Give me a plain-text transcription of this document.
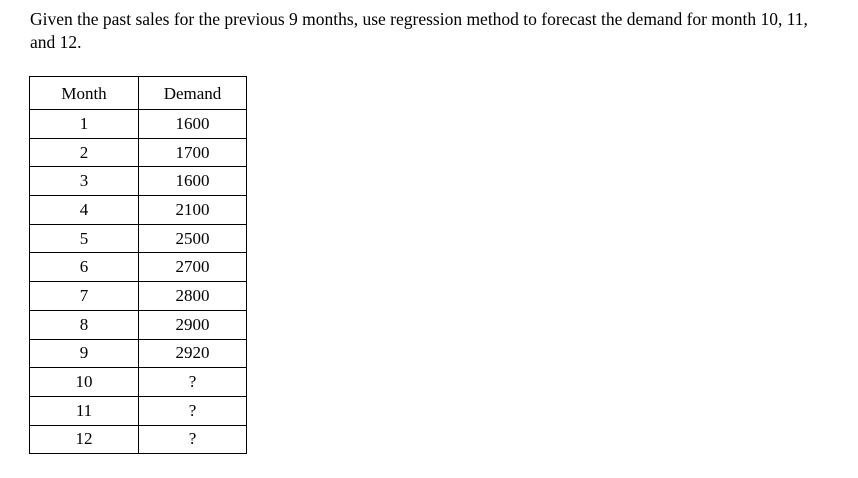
Given the past sales for the previous 9 months, use regression method to forecast the demand for month 10, 11, and 12.

Month	Demand
1	1600
2	1700
3	1600
4	2100
5	2500
6	2700
7	2800
8	2900
9	2920
10	?
11	?
12	?
